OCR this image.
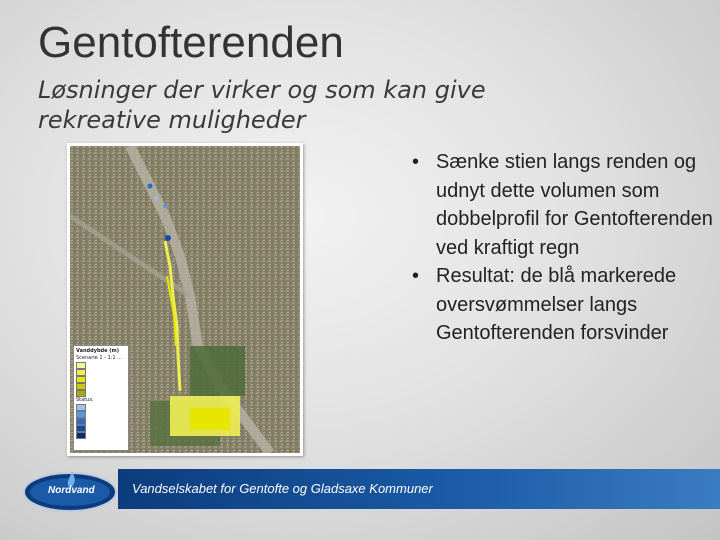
Gentofterenden
Løsninger der virker og som kan give rekreative muligheder
Vanddybde (m)
Scenarie 1 - 1:1 ...
Status:
• Sænke stien langs renden og udnyt dette volumen som dobbelprofil for Gentofterenden ved kraftigt regn
• Resultat: de blå markerede oversvømmelser langs Gentofterenden forsvinder
Vandselskabet for Gentofte og Gladsaxe Kommuner
Nordvand
